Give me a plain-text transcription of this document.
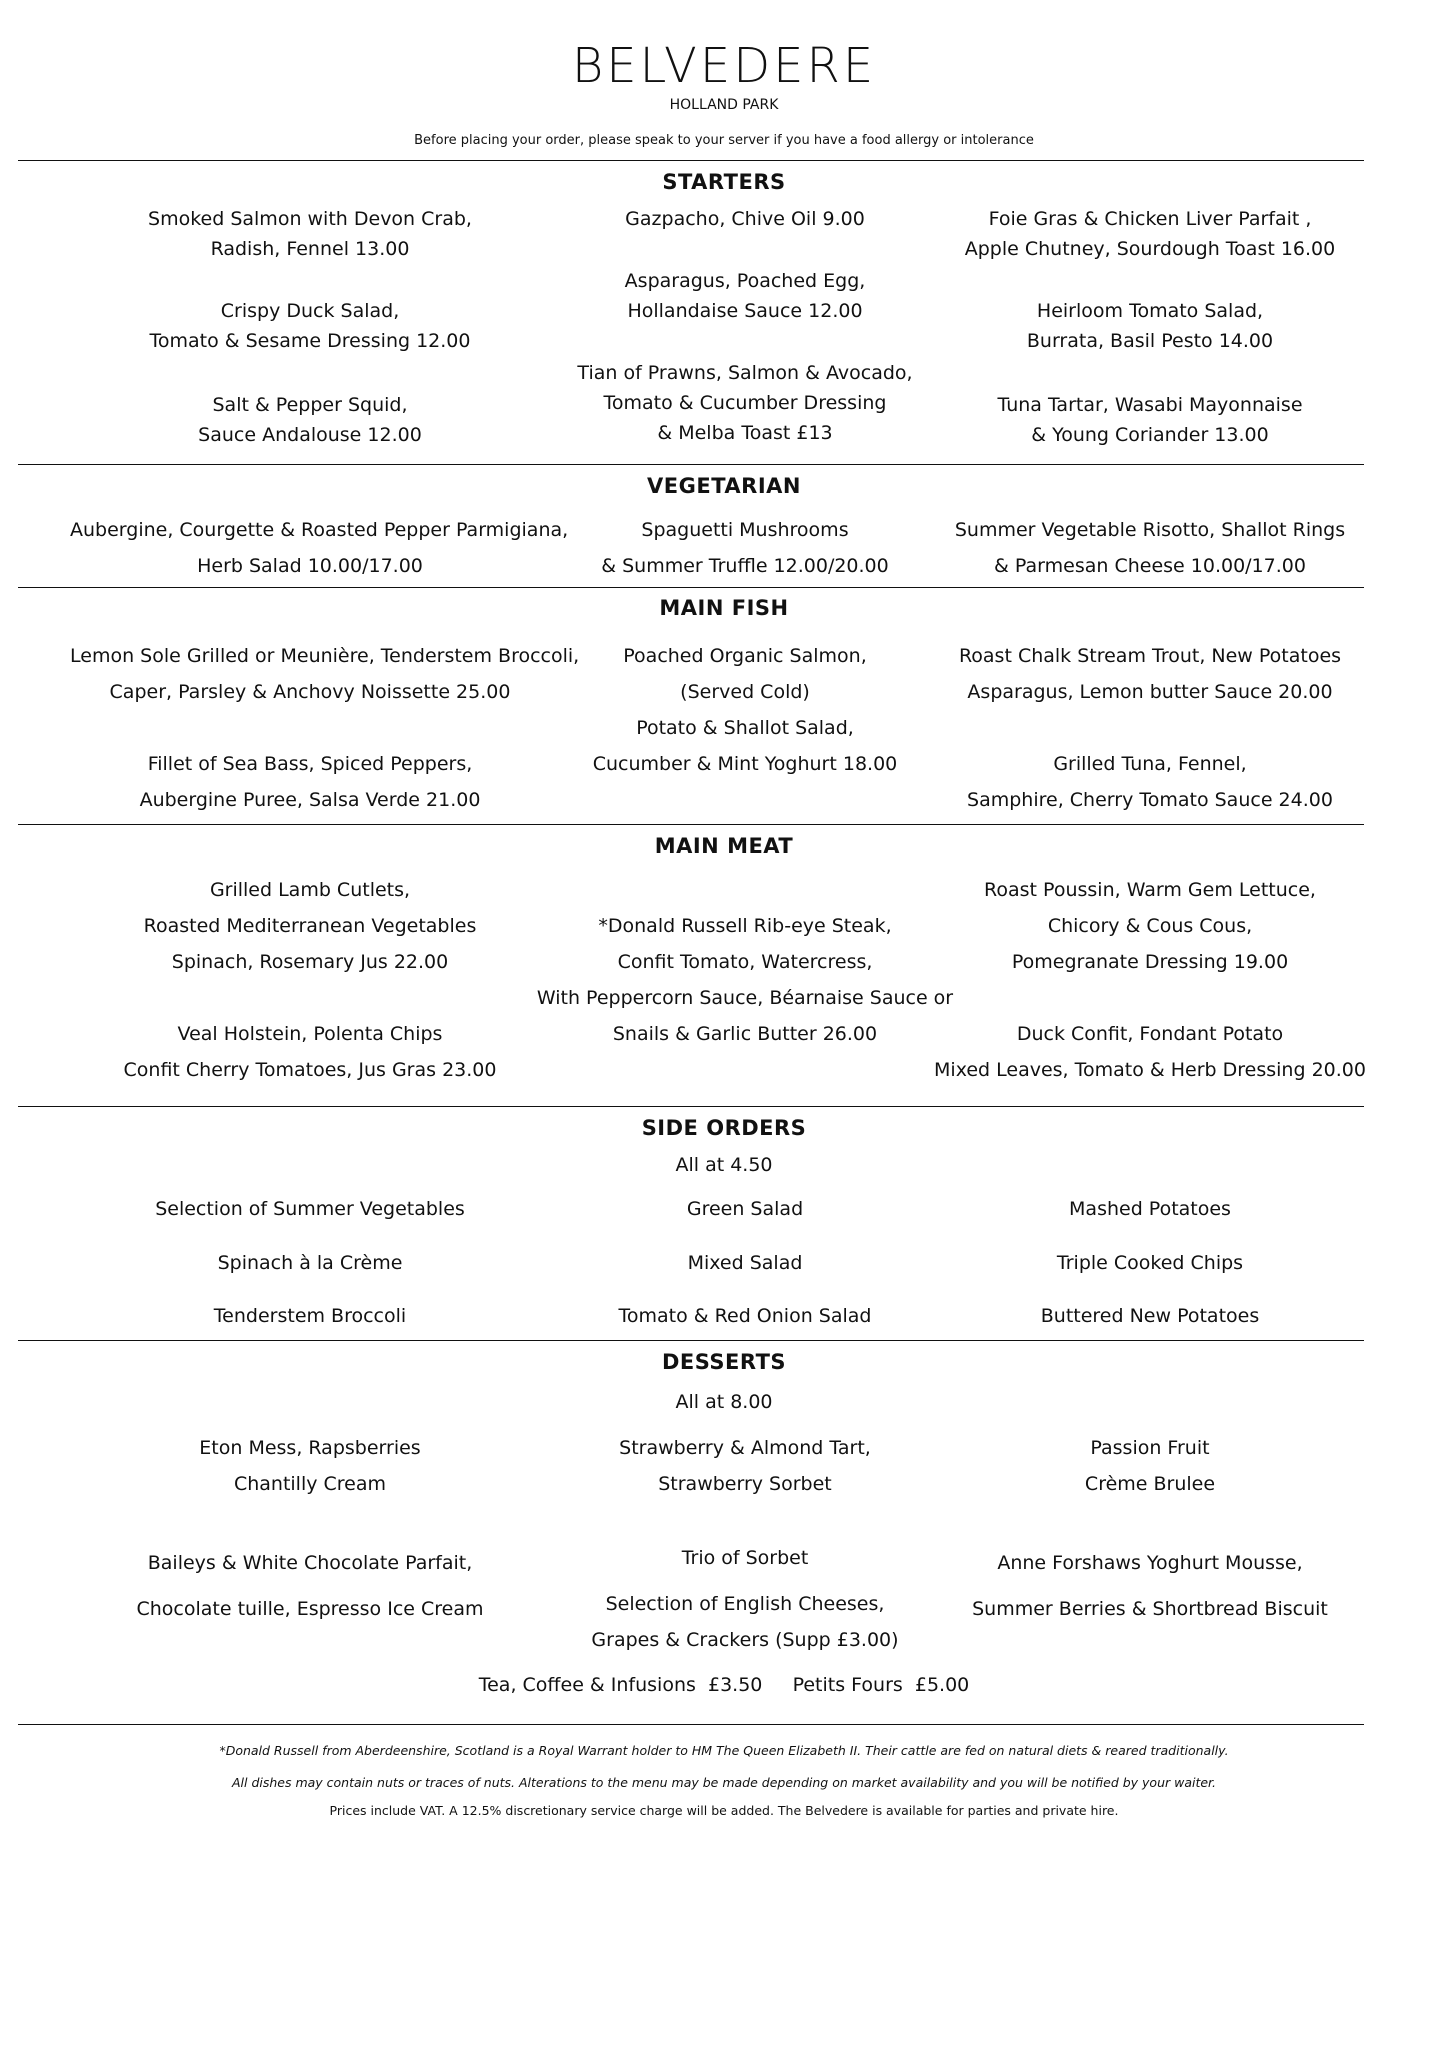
BELVEDERE
HOLLAND PARK
Before placing your order, please speak to your server if you have a food allergy or intolerance
STARTERS
Smoked Salmon with Devon Crab,
Radish, Fennel 13.00
Crispy Duck Salad,
Tomato & Sesame Dressing 12.00
Salt & Pepper Squid,
Sauce Andalouse 12.00
Gazpacho, Chive Oil 9.00
Asparagus, Poached Egg,
Hollandaise Sauce 12.00
Tian of Prawns, Salmon & Avocado,
Tomato & Cucumber Dressing
& Melba Toast £13
Foie Gras & Chicken Liver Parfait ,
Apple Chutney, Sourdough Toast 16.00
Heirloom Tomato Salad,
Burrata, Basil Pesto 14.00
Tuna Tartar, Wasabi Mayonnaise
& Young Coriander 13.00
VEGETARIAN
Aubergine, Courgette & Roasted Pepper Parmigiana,
Herb Salad 10.00/17.00
Spaguetti Mushrooms
& Summer Truffle 12.00/20.00
Summer Vegetable Risotto, Shallot Rings
& Parmesan Cheese 10.00/17.00
MAIN FISH
Lemon Sole Grilled or Meunière, Tenderstem Broccoli,
Caper, Parsley & Anchovy Noissette 25.00
Fillet of Sea Bass, Spiced Peppers,
Aubergine Puree, Salsa Verde 21.00
Poached Organic Salmon,
(Served Cold)
Potato & Shallot Salad,
Cucumber & Mint Yoghurt 18.00
Roast Chalk Stream Trout, New Potatoes
Asparagus, Lemon butter Sauce 20.00
Grilled Tuna, Fennel,
Samphire, Cherry Tomato Sauce 24.00
MAIN MEAT
Grilled Lamb Cutlets,
Roasted Mediterranean Vegetables
Spinach, Rosemary Jus 22.00
Veal Holstein, Polenta Chips
Confit Cherry Tomatoes, Jus Gras 23.00
*Donald Russell Rib-eye Steak,
Confit Tomato, Watercress,
With Peppercorn Sauce, Béarnaise Sauce or
Snails & Garlic Butter 26.00
Roast Poussin, Warm Gem Lettuce,
Chicory & Cous Cous,
Pomegranate Dressing 19.00
Duck Confit, Fondant Potato
Mixed Leaves, Tomato & Herb Dressing 20.00
SIDE ORDERS
All at 4.50
Selection of Summer Vegetables
Spinach à la Crème
Tenderstem Broccoli
Green Salad
Mixed Salad
Tomato & Red Onion Salad
Mashed Potatoes
Triple Cooked Chips
Buttered New Potatoes
DESSERTS
All at 8.00
Eton Mess, Rapsberries
Chantilly Cream
Baileys & White Chocolate Parfait,
Chocolate tuille, Espresso Ice Cream
Strawberry & Almond Tart,
Strawberry Sorbet
Trio of Sorbet
Selection of English Cheeses,
Grapes & Crackers (Supp £3.00)
Passion Fruit
Crème Brulee
Anne Forshaws Yoghurt Mousse,
Summer Berries & Shortbread Biscuit
Tea, Coffee & Infusions  £3.50     Petits Fours  £5.00
*Donald Russell from Aberdeenshire, Scotland is a Royal Warrant holder to HM The Queen Elizabeth II. Their cattle are fed on natural diets & reared traditionally.
All dishes may contain nuts or traces of nuts. Alterations to the menu may be made depending on market availability and you will be notified by your waiter.
Prices include VAT. A 12.5% discretionary service charge will be added. The Belvedere is available for parties and private hire.
